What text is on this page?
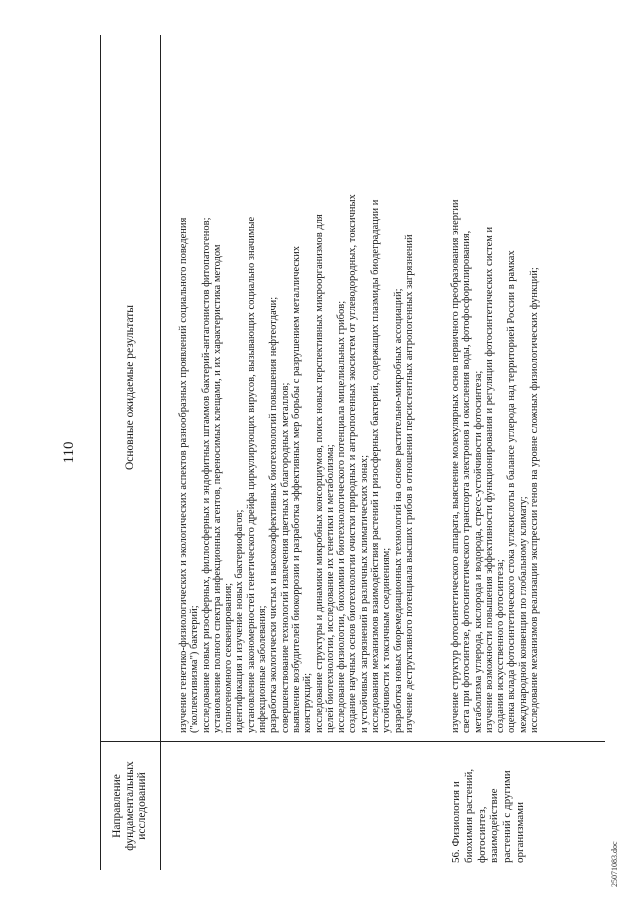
110
Направление фундаментальных исследований
Основные ожидаемые результаты	изучение генетико-физиологических и экологических аспектов разнообразных проявлений социального поведения ("коллективизма") бактерий; исследование новых ризосферных, филлосферных и эндофитных штаммов бактерий-антагонистов фитопатогенов; установление полного спектра инфекционных агентов, переносимых клещами, и их характеристика методом полногеномного секвенирования; идентификация и изучение новых бактериофагов; установление закономерностей генетического дрейфа циркулирующих вирусов, вызывающих социально значимые инфекционные заболевания; разработка экологически чистых и высокоэффективных биотехнологий повышения нефтеотдачи; совершенствование технологий извлечения цветных и благородных металлов; выявление возбудителей биокоррозии и разработка эффективных мер борьбы с разрушением металлических конструкций; исследование структуры и динамики микробных консорциумов, поиск новых перспективных микроорганизмов для целей биотехнологии, исследование их генетики и метаболизма; исследование физиологии, биохимии и биотехнологического потенциала мицелиальных грибов; создание научных основ биотехнологии очистки природных и антропогенных экосистем от углеводородных, токсичных и устойчивых загрязнений в различных климатических зонах; исследования механизмов взаимодействия растений и ризосферных бактерий, содержащих плазмиды биодеградации и устойчивости к токсичным соединениям; разработка новых биоремедиационных технологий на основе растительно-микробных ассоциаций; изучение деструктивного потенциала высших грибов в отношении персистентных антропогенных загрязнений
56. Физиология и биохимия растений, фотосинтез, взаимодействие растений с другими организмами
изучение структур фотосинтетического аппарата, выяснение молекулярных основ первичного преобразования энергии света при фотосинтезе, фотосинтетического транспорта электронов и окисления воды, фотофосфорилирования, метаболизма углерода, кислорода и водорода, стресс-устойчивости фотосинтеза; изучение возможности повышения эффективности функционирования и регуляции фотосинтетических систем и создания искусственного фотосинтеза; оценка вклада фотосинтетического стока углекислоты в балансе углерода над территорией России в рамках международной конвенции по глобальному климату; исследование механизмов реализации экспрессии генов на уровне сложных физиологических функций;
25071083.doc
